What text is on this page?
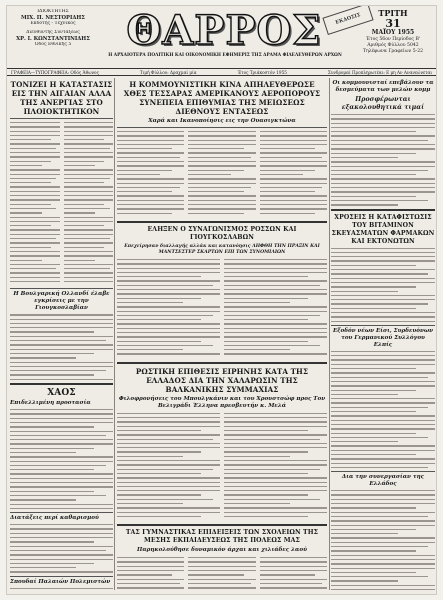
ΙΔΙΟΚΤΗΤΗΣ
ΜΙΧ. Π. ΝΕΣΤΟΡΙΔΗΣ
Εκδότης - Τεχνικός
Διευθυντής Συντάξεως
ΧΡ. Ι. ΚΩΝΣΤΑΝΤΙΝΙΔΗΣ
Οδός Εθνικής 5	ΘΑΡΡΟΣ
Η ΑΡΧΑΙΟΤΕΡΑ ΠΟΛΙΤΙΚΗ ΚΑΙ ΟΙΚΟΝΟΜΙΚΗ ΕΦΗΜΕΡΙΣ ΤΗΣ ΔΡΑΜΑ ΦΙΛΕΛΕΥΘΕΡΩΝ ΑΡΧΩΝ
ΕΚΔΟΣΙΣ	ΤΡΙΤΗ
31
ΜΑΪΟΥ 1955
Έτος 56ον Περίοδος Β'
Αριθμός Φύλλου 5042
Τηλέφωνα Γραφείων 5-22
ΓΡΑΦΕΙΑ—ΤΥΠΟΓΡΑΦΕΙΑ: Οδός Άθωνος	Τιμή Φύλλου: Δραχμαί μία	Έτος Τριάκοστόν 1955	Συνδρομαί Προπληρωτέαι: Ε μη Αν Ανανεώνεται
ΤΟΝΙΖΕΙ Η ΚΑΤΑΣΤΑΣΙΣ ΕΙΣ ΤΗΝ ΑΙΓΑΙΑΝ ΑΛΛΑ ΤΗΣ ΑΝΕΡΓΙΑΣ ΣΤΟ ΠΛΟΙΟΚΤΗΤΙΚΟΝ
Η Βουλγαρική Ολλανδί έλαβε εγκρίσεις με την Γιουγκοσλαβίαν
ΧΑΟΣ
Επιδελλιμένη προοτασία
Διατάξεις περί καθαρισμού
Σπουδαί Παλαιών Πολεμιστών
Η ΚΟΜΜΟΥΝΙΣΤΙΚΗ ΚΙΝΑ ΑΠΗΛΕΥΘΕΡΩΣΕ ΧΘΕΣ ΤΕΣΣΑΡΑΣ ΑΜΕΡΙΚΑΝΟΥΣ ΑΕΡΟΠΟΡΟΥΣ ΣΥΝΕΠΕΙΑ ΕΠΙΘΥΜΙΑΣ ΤΗΣ ΜΕΙΩΣΕΩΣ ΔΙΕΘΝΟΥΣ ΕΝΤΑΣΕΩΣ
Χαρά και Ικανοποίησις εις την Ουασιγκτώνα
ΕΛΗΞΕΝ Ο ΣΥΝΑΓΩΝΙΣΜΟΣ ΡΟΣΣΩΝ ΚΑΙ ΓΙΟΥΓΚΟΣΛΑΒΩΝ
Επεχείρησαν διαλλαγής αλλάκ και κατανόησις ΛΗΦΘΗ ΤΗΝ ΠΡΑΞΙΝ ΚΑΙ ΜΑΝΤΣΕΣΤΕΡ ΣΚΑΡΤΩΝ ΕΠΙ ΤΩΝ ΣΥΝΟΜΙΛΙΩΝ
ΡΩΣΤΙΚΗ ΕΠΙΘΕΣΙΣ ΕΙΡΗΝΗΣ ΚΑΤΑ ΤΗΣ ΕΛΛΑΔΟΣ ΔΙΑ ΤΗΝ ΧΑΛΑΡΩΣΙΝ ΤΗΣ ΒΑΛΚΑΝΙΚΗΣ ΣΥΜΜΑΧΙΑΣ
Φιλοφρονήσεις του Μπουλγκάνιν και του Χρουστσώφ προς Τον Βελιγράδι Έλληνα πρεσβευτήν κ. Μελά
ΤΑΣ ΓΥΜΝΑΣΤΙΚΑΣ ΕΠΙΔΕΙΞΕΙΣ ΤΩΝ ΣΧΟΛΕΙΩΝ ΤΗΣ ΜΕΣΗΣ ΕΚΠΑΙΔΕΥΣΕΩΣ ΤΗΣ ΠΟΛΕΩΣ ΜΑΣ
Παρηκολούθησε δυναμικόν άρχαι και χιλιάδες λαού
Οι κομμουνισταί επεβάλουν τα δεσμεύματα των μελών κομμ
Προσφέρωνται εξακολουθητικά τιμαί
ΧΡΟΣΕΙΣ Η ΚΑΤΑΦΙΣΤΩΣΙΣ ΤΟΥ ΒΙΤΑΜΙΝΟΝ ΣΚΕΥΑΣΜΑΤΩΝ ΦΑΡΜΑΚΩΝ ΚΑΙ ΕΚΤΟΝΩΤΩΝ
Εξοδόν νέων Είσι, Συρδευόνων του Γερμανικού Συλλόγου Ελπίς
Δια την συνεργασίαν της Ελλάδος
